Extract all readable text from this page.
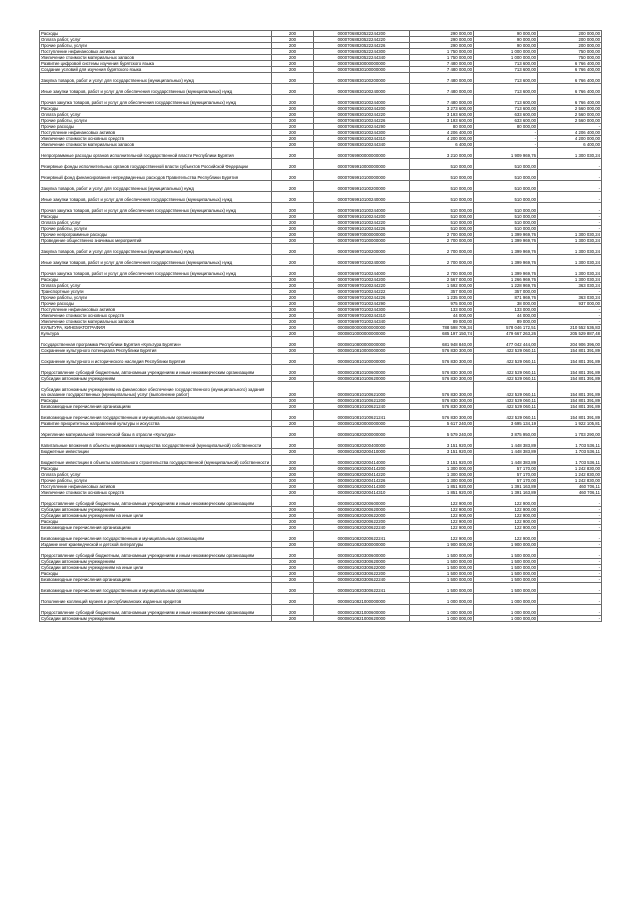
Расходы	200	00007068820522244200	290 000,00	90 000,00	200 000,00
Оплата работ, услуг	200	00007068820522244220	290 000,00	90 000,00	200 000,00
Прочие работы, услуги	200	00007068820522244226	290 000,00	90 000,00	200 000,00
Поступление нефинансовых активов	200	00007068820522244300	1 750 000,00	1 000 000,00	750 000,00
Увеличение стоимости материальных запасов	200	00007068820522244340	1 750 000,00	1 000 000,00	750 000,00
Развитие цифровой системы изучения бурятского языка	200	00007068830000000000	7 480 000,00	713 600,00	6 766 400,00
Создание условий для изучения бурятского языка	200	00007068830100000000	7 480 000,00	713 600,00	6 766 400,00
Закупка товаров, работ и услуг для государственных (муниципальных) нужд	200	00007068830100200000	7 480 000,00	713 600,00	6 766 400,00
Иные закупки товаров, работ и услуг для обеспечения государственных (муниципальных) нужд	200	00007068830100240000	7 480 000,00	713 600,00	6 766 400,00
Прочая закупка товаров, работ и услуг для обеспечения государственных (муниципальных) нужд	200	00007068830100244000	7 480 000,00	713 600,00	6 766 400,00
Расходы	200	00007068830100244200	3 273 600,00	713 600,00	2 560 000,00
Оплата работ, услуг	200	00007068830100244220	3 193 600,00	633 600,00	2 560 000,00
Прочие работы, услуги	200	00007068830100244226	3 193 600,00	633 600,00	2 560 000,00
Прочие расходы	200	00007068830100244290	80 000,00	80 000,00	-
Поступление нефинансовых активов	200	00007068830100244300	4 206 400,00	-	4 206 400,00
Увеличение стоимости основных средств	200	00007068830100244310	4 200 000,00	-	4 200 000,00
Увеличение стоимости материальных запасов	200	00007068830100244340	6 400,00	-	6 400,00
Непрограммные расходы органов исполнительной государственной власти Республики Бурятия	200	00007069900000000000	3 210 000,00	1 909 969,76	1 300 030,24
Резервные фонды исполнительных органов государственной власти субъектов Российской Федерации	200	00007069910000000000	510 000,00	510 000,00	-
Резервный фонд финансирования непредвиденных расходов Правительства Республики Бурятия	200	00007069910100000000	510 000,00	510 000,00	-
Закупка товаров, работ и услуг для государственных (муниципальных) нужд	200	00007069910100200000	510 000,00	510 000,00	-
Иные закупки товаров, работ и услуг для обеспечения государственных (муниципальных) нужд	200	00007069910100240000	510 000,00	510 000,00	-
Прочая закупка товаров, работ и услуг для обеспечения государственных (муниципальных) нужд	200	00007069910100244000	510 000,00	510 000,00	-
Расходы	200	00007069910100244200	510 000,00	510 000,00	-
Оплата работ, услуг	200	00007069910100244220	510 000,00	510 000,00	-
Прочие работы, услуги	200	00007069910100244226	510 000,00	510 000,00	-
Прочие непрограммные расходы	200	00007069970000000000	2 700 000,00	1 399 969,76	1 300 030,24
Проведение общественно значимых мероприятий	200	00007069970100000000	2 700 000,00	1 399 969,76	1 300 030,24
Закупка товаров, работ и услуг для государственных (муниципальных) нужд	200	00007069970100200000	2 700 000,00	1 399 969,76	1 300 030,24
Иные закупки товаров, работ и услуг для обеспечения государственных (муниципальных) нужд	200	00007069970100240000	2 700 000,00	1 399 969,76	1 300 030,24
Прочая закупка товаров, работ и услуг для обеспечения государственных (муниципальных) нужд	200	00007069970100244000	2 700 000,00	1 399 969,76	1 300 030,24
Расходы	200	00007069970100244200	2 567 000,00	1 266 969,76	1 300 030,24
Оплата работ, услуг	200	00007069970100244220	1 592 000,00	1 228 969,76	363 030,24
Транспортные услуги	200	00007069970100244222	357 000,00	357 000,00	-
Прочие работы, услуги	200	00007069970100244226	1 235 000,00	871 969,76	363 030,24
Прочие расходы	200	00007069970100244290	975 000,00	38 000,00	937 000,00
Поступление нефинансовых активов	200	00007069970100244300	133 000,00	133 000,00	-
Увеличение стоимости основных средств	200	00007069970100244310	44 000,00	44 000,00	-
Увеличение стоимости материальных запасов	200	00007069970100244340	89 000,00	89 000,00	-
КУЛЬТУРА, КИНЕМАТОГРАФИЯ	200	00008000000000000000	788 598 709,34	578 046 172,51	210 552 536,83
Культура	200	00008010000000000000	685 197 150,74	479 667 263,26	205 529 887,48
Государственная программа Республики Бурятия «Культура Бурятии»	200	00008010800000000000	681 948 840,00	477 042 444,00	204 906 396,00
Сохранение культурного потенциала Республики Бурятия	200	00008010810000000000	576 830 300,00	422 529 060,11	154 801 391,89
Сохранение культурного и исторического наследия Республики Бурятия	200	00008010810100000000	576 830 300,00	422 529 060,11	154 801 391,89
Предоставление субсидий бюджетным, автономным учреждениям и иным некоммерческим организациям	200	00008010810100600000	576 830 300,00	422 529 060,11	154 801 391,89
Субсидии автономным учреждениям	200	00008010810100620000	576 830 300,00	422 529 060,11	154 801 391,89
Субсидии автономным учреждениям на финансовое обеспечение государственного (муниципального) задания на оказание государственных (муниципальных) услуг (выполнение работ)	200	00008010810100621000	576 830 300,00	422 529 060,11	154 801 391,89
Расходы	200	00008010810100621200	576 830 300,00	422 529 060,11	154 801 391,89
Безвозмездные перечисления организациям	200	00008010810100621240	576 830 300,00	422 529 060,11	154 801 391,89
Безвозмездные перечисления государственным и муниципальным организациям	200	00008010810100621241	576 830 300,00	422 529 060,11	154 801 391,89
Развитие приоритетных направлений культуры и искусства	200	00008010820000000000	5 617 240,00	3 695 134,19	1 922 105,81
Укрепление материальной технической базы в отрасли «Культура»	200	00008010820200000000	5 579 240,00	3 875 950,00	1 703 290,00
Капитальные вложения в объекты недвижимого имущества государственной (муниципальной) собственности	200	00008010820200400000	3 151 920,00	1 448 383,89	1 703 536,11
Бюджетные инвестиции	200	00008010820200410000	3 151 920,00	1 448 383,89	1 703 536,11
Бюджетные инвестиции в объекты капитального строительства государственной (муниципальной) собственности	200	00008010820200414000	3 151 920,00	1 448 383,89	1 703 536,11
Расходы	200	00008010820200414200	1 300 000,00	57 170,00	1 242 830,00
Оплата работ, услуг	200	00008010820200414220	1 300 000,00	57 170,00	1 242 830,00
Прочие работы, услуги	200	00008010820200414226	1 300 000,00	57 170,00	1 242 830,00
Поступление нефинансовых активов	200	00008010820200414300	1 851 920,00	1 391 163,89	460 706,11
Увеличение стоимости основных средств	200	00008010820200414310	1 851 920,00	1 391 163,89	460 706,11
Предоставление субсидий бюджетным, автономным учреждениям и иным некоммерческим организациям	200	00008010820200600000	122 900,00	122 900,00	-
Субсидии автономным учреждениям	200	00008010820200620000	122 900,00	122 900,00	-
Субсидии автономным учреждениям на иные цели	200	00008010820200622000	122 900,00	122 900,00	-
Расходы	200	00008010820200622200	122 900,00	122 900,00	-
Безвозмездные перечисления организациям	200	00008010820200622240	122 900,00	122 900,00	-
Безвозмездные перечисления государственным и муниципальным организациям	200	00008010820200622241	122 900,00	122 900,00	-
Издание книг краеведческой и детской литературы	200	00008010820300000000	1 900 000,00	1 900 000,00	-
Предоставление субсидий бюджетным, автономным учреждениям и иным некоммерческим организациям	200	00008010820300600000	1 500 000,00	1 500 000,00	-
Субсидии автономным учреждениям	200	00008010820300620000	1 500 000,00	1 500 000,00	-
Субсидии автономным учреждениям на иные цели	200	00008010820300622000	1 500 000,00	1 500 000,00	-
Расходы	200	00008010820300622200	1 500 000,00	1 500 000,00	-
Безвозмездные перечисления организациям	200	00008010820300622240	1 500 000,00	1 500 000,00	-
Безвозмездные перечисления государственным и муниципальным организациям	200	00008010820300622241	1 500 000,00	1 500 000,00	-
Пополнение коллекций музеев и республиканских изданных кредитов	200	00008010821000000000	1 000 000,00	1 000 000,00	-
Предоставление субсидий бюджетным, автономным учреждениям и иным некоммерческим организациям	200	00008010821000600000	1 000 000,00	1 000 000,00	-
Субсидии автономным учреждениям	200	00008010821000620000	1 000 000,00	1 000 000,00	-
